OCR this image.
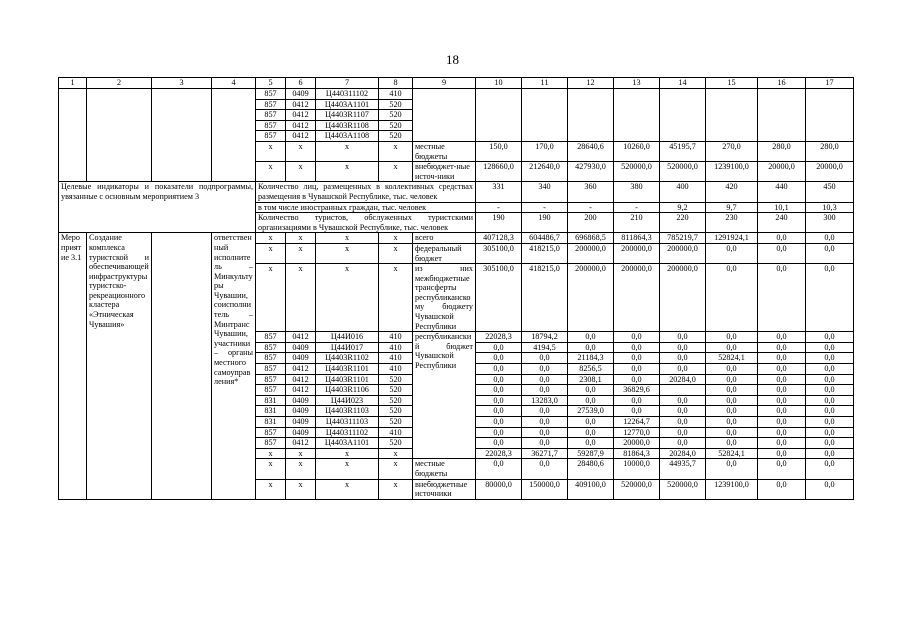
18
1	2	3	4	5	6	7	8	9	10	11	12	13	14	15	16	17
				857	0409	Ц440311102	410									
				857	0412	Ц4403А1101	520									
				857	0412	Ц4403R1107	520									
				857	0412	Ц4403R1108	520									
				857	0412	Ц4403А1108	520									
				x	x	x	x	местные бюджеты	150,0	170,0	28640,6	10260,0	45195,7	270,0	280,0	280,0
				x	x	x	x	внебюджет-ные источ-ники	128660,0	212640,0	427930,0	520000,0	520000,0	1239100,0	20000,0	20000,0
Целевые индикаторы и показатели подпрограммы, увязанные с основным мероприятием 3				Количество лиц, размещенных в коллективных средствах размещения в Чувашской Республике, тыс. человек					331	340	360	380	400	420	440	450
				в том числе иностранных граждан, тыс. человек					-	-	-	-	9,2	9,7	10,1	10,3
				Количество туристов, обслуженных туристскими организациями в Чувашской Республике, тыс. человек					190	190	200	210	220	230	240	300
Мероприятие 3.1	Создание комплекса туристской и обеспечивающей инфраструктуры туристско-рекреационного кластера «Этническая Чувашия»		ответственный исполнитель – Минкультуры Чувашии, соисполнитель – Минтранс Чувашии, участники – органы местного самоуправления*	x	x	x	x	всего	407128,3	604486,7	696868,5	811864,3	785219,7	1291924,1	0,0	0,0
				x	x	x	x	федеральный бюджет	305100,0	418215,0	200000,0	200000,0	200000,0	0,0	0,0	0,0
				x	x	x	x	из них межбюджетные трансферты республиканскому бюджету Чувашской Республики	305100,0	418215,0	200000,0	200000,0	200000,0	0,0	0,0	0,0
				857	0412	Ц44И016	410	республиканский бюджет Чувашской Республики	22028,3	18794,2	0,0	0,0	0,0	0,0	0,0	0,0
				857	0409	Ц44И017	410		0,0	4194,5	0,0	0,0	0,0	0,0	0,0	0,0
				857	0409	Ц4403R1102	410		0,0	0,0	21184,3	0,0	0,0	52824,1	0,0	0,0
				857	0412	Ц4403R1101	410		0,0	0,0	8256,5	0,0	0,0	0,0	0,0	0,0
				857	0412	Ц4403R1101	520		0,0	0,0	2308,1	0,0	20284,0	0,0	0,0	0,0
				857	0412	Ц4403R1106	520		0,0	0,0	0,0	36829,6		0,0	0,0	0,0
				831	0409	Ц44И023	520		0,0	13283,0	0,0	0,0	0,0	0,0	0,0	0,0
				831	0409	Ц4403R1103	520		0,0	0,0	27539,0	0,0	0,0	0,0	0,0	0,0
				831	0409	Ц440311103	520		0,0	0,0	0,0	12264,7	0,0	0,0	0,0	0,0
				857	0409	Ц440311102	410		0,0	0,0	0,0	12770,0	0,0	0,0	0,0	0,0
				857	0412	Ц4403А1101	520		0,0	0,0	0,0	20000,0	0,0	0,0	0,0	0,0
				x	x	x	x		22028,3	36271,7	59287,9	81864,3	20284,0	52824,1	0,0	0,0
				x	x	x	x	местные бюджеты	0,0	0,0	28480,6	10000,0	44935,7	0,0	0,0	0,0
				x	x	x	x	внебюджетные источники	80000,0	150000,0	409100,0	520000,0	520000,0	1239100,0	0,0	0,0
